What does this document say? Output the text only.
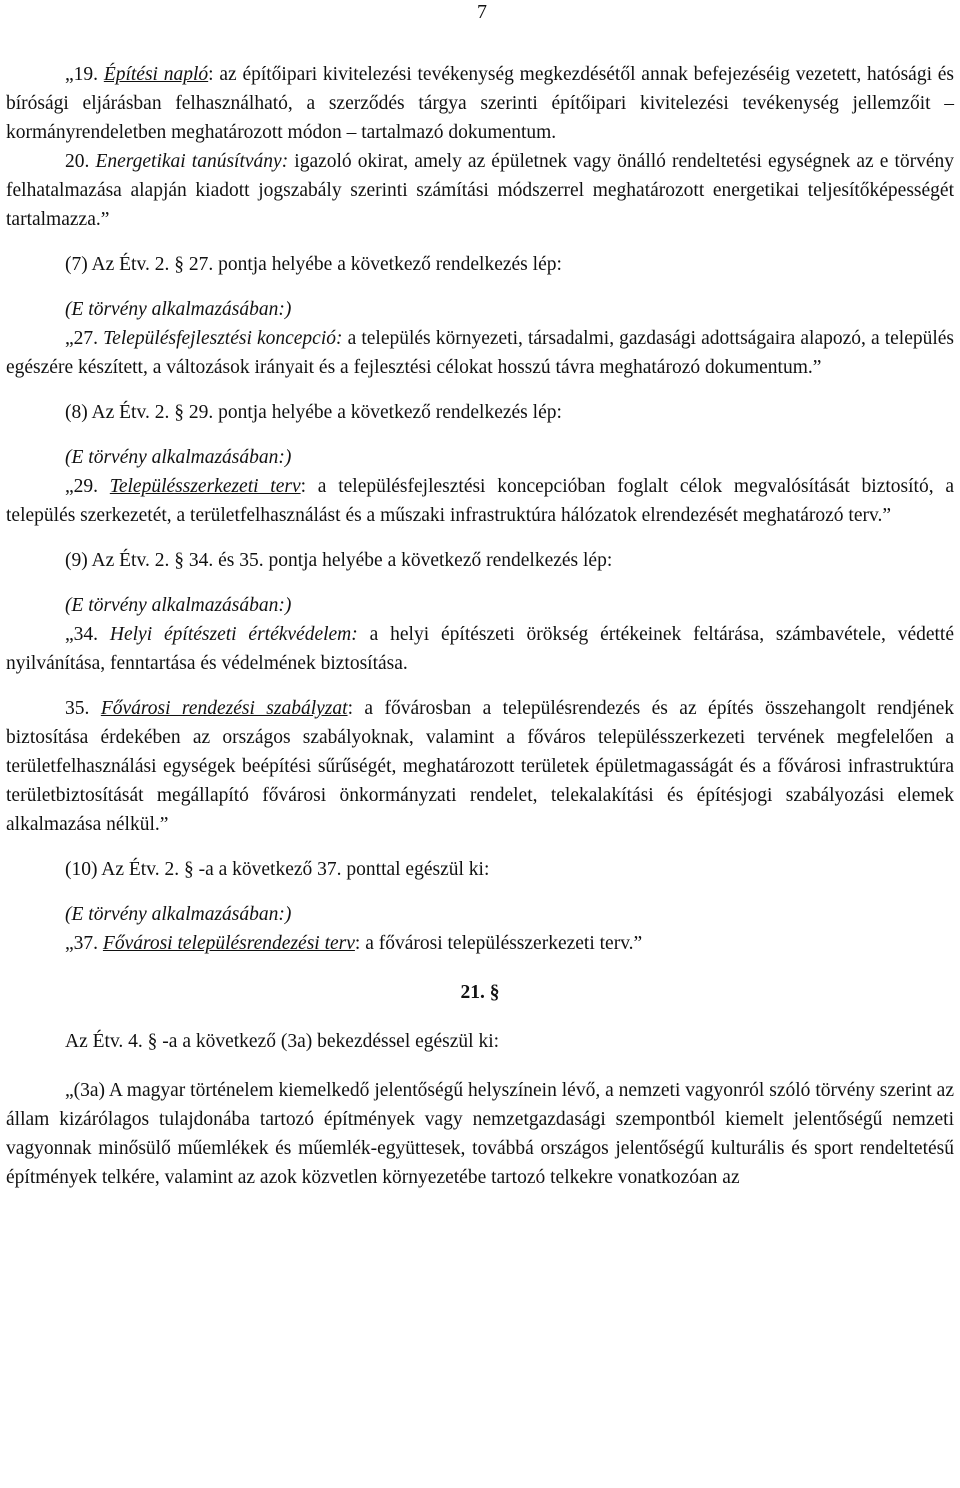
7

„19. Építési napló: az építőipari kivitelezési tevékenység megkezdésétől annak befejezéséig vezetett, hatósági és bírósági eljárásban felhasználható, a szerződés tárgya szerinti építőipari kivitelezési tevékenység jellemzőit – kormányrendeletben meghatározott módon – tartalmazó dokumentum.

20. Energetikai tanúsítvány: igazoló okirat, amely az épületnek vagy önálló rendeltetési egységnek az e törvény felhatalmazása alapján kiadott jogszabály szerinti számítási módszerrel meghatározott energetikai teljesítőképességét tartalmazza.”

(7) Az Étv. 2. § 27. pontja helyébe a következő rendelkezés lép:

(E törvény alkalmazásában:)

„27. Településfejlesztési koncepció: a település környezeti, társadalmi, gazdasági adottságaira alapozó, a település egészére készített, a változások irányait és a fejlesztési célokat hosszú távra meghatározó dokumentum.”

(8) Az Étv. 2. § 29. pontja helyébe a következő rendelkezés lép:

(E törvény alkalmazásában:)

„29. Településszerkezeti terv: a településfejlesztési koncepcióban foglalt célok megvalósítását biztosító, a település szerkezetét, a területfelhasználást és a műszaki infrastruktúra hálózatok elrendezését meghatározó terv.”

(9) Az Étv. 2. § 34. és 35. pontja helyébe a következő rendelkezés lép:

(E törvény alkalmazásában:)

„34. Helyi építészeti értékvédelem: a helyi építészeti örökség értékeinek feltárása, számbavétele, védetté nyilvánítása, fenntartása és védelmének biztosítása.

35. Fővárosi rendezési szabályzat: a fővárosban a településrendezés és az építés összehangolt rendjének biztosítása érdekében az országos szabályoknak, valamint a főváros településszerkezeti tervének megfelelően a területfelhasználási egységek beépítési sűrűségét, meghatározott területek épületmagasságát és a fővárosi infrastruktúra területbiztosítását megállapító fővárosi önkormányzati rendelet, telekalakítási és építésjogi szabályozási elemek alkalmazása nélkül.”

(10) Az Étv. 2. § -a a következő 37. ponttal egészül ki:

(E törvény alkalmazásában:)

„37. Fővárosi településrendezési terv: a fővárosi településszerkezeti terv.”

21. §

Az Étv. 4. § -a a következő (3a) bekezdéssel egészül ki:

„(3a) A magyar történelem kiemelkedő jelentőségű helyszínein lévő, a nemzeti vagyonról szóló törvény szerint az állam kizárólagos tulajdonába tartozó építmények vagy nemzetgazdasági szempontból kiemelt jelentőségű nemzeti vagyonnak minősülő műemlékek és műemlék-együttesek, továbbá országos jelentőségű kulturális és sport rendeltetésű építmények telkére, valamint az azok közvetlen környezetébe tartozó telkekre vonatkozóan az
